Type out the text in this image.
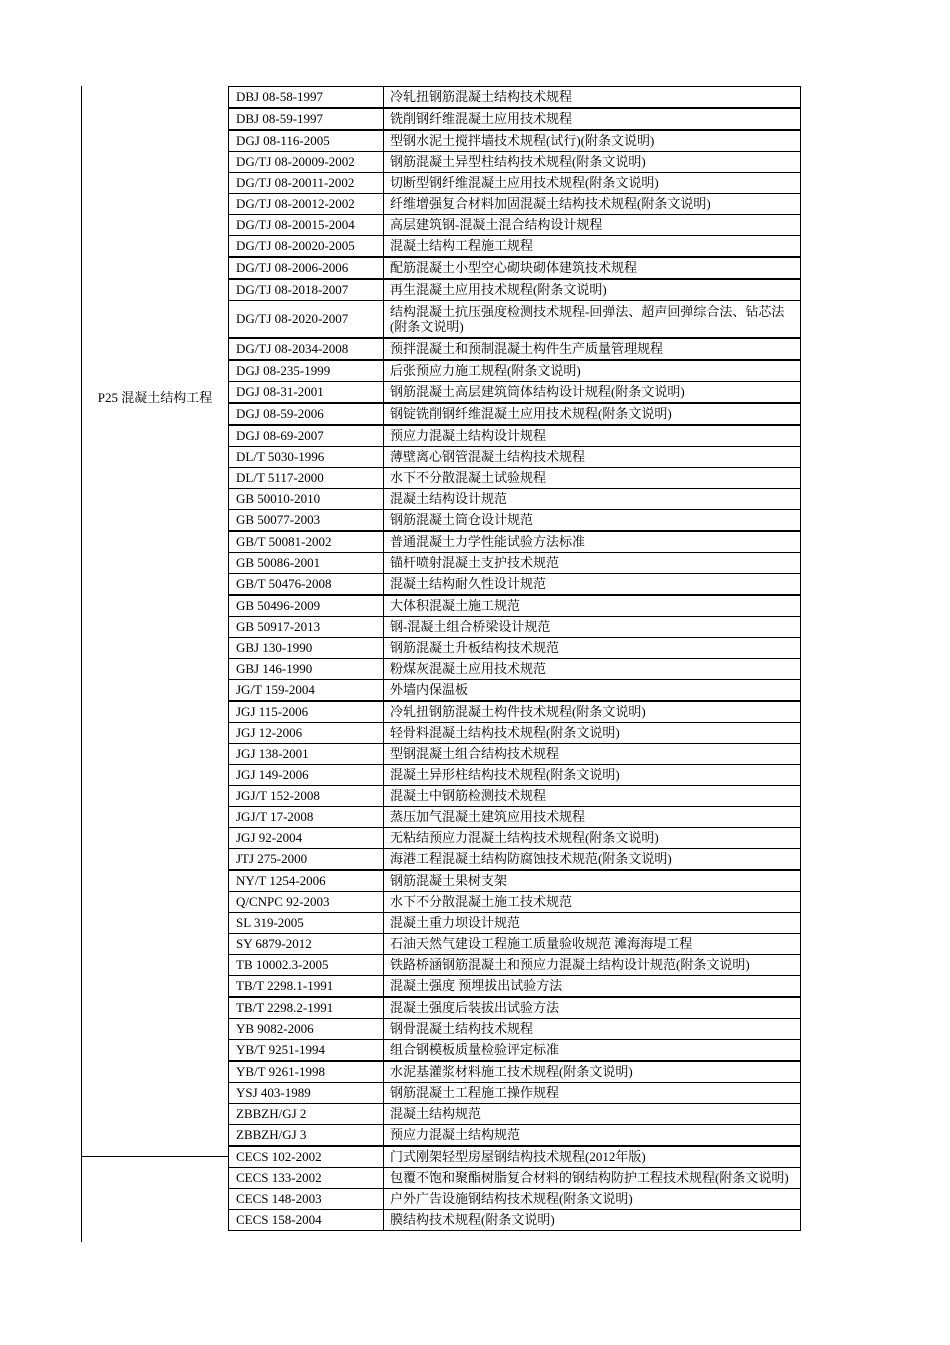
P25 混凝土结构工程
DBJ 08-58-1997	冷轧扭钢筋混凝土结构技术规程
DBJ 08-59-1997	铣削钢纤维混凝土应用技术规程
DGJ 08-116-2005	型钢水泥土搅拌墙技术规程(试行)(附条文说明)
DG/TJ 08-20009-2002	钢筋混凝土异型柱结构技术规程(附条文说明)
DG/TJ 08-20011-2002	切断型钢纤维混凝土应用技术规程(附条文说明)
DG/TJ 08-20012-2002	纤维增强复合材料加固混凝土结构技术规程(附条文说明)
DG/TJ 08-20015-2004	高层建筑钢-混凝土混合结构设计规程
DG/TJ 08-20020-2005	混凝土结构工程施工规程
DG/TJ 08-2006-2006	配筋混凝土小型空心砌块砌体建筑技术规程
DG/TJ 08-2018-2007	再生混凝土应用技术规程(附条文说明)
DG/TJ 08-2020-2007	结构混凝土抗压强度检测技术规程-回弹法、超声回弹综合法、钻芯法(附条文说明)
DG/TJ 08-2034-2008	预拌混凝土和预制混凝土构件生产质量管理规程
DGJ 08-235-1999	后张预应力施工规程(附条文说明)
DGJ 08-31-2001	钢筋混凝土高层建筑筒体结构设计规程(附条文说明)
DGJ 08-59-2006	钢锭铣削钢纤维混凝土应用技术规程(附条文说明)
DGJ 08-69-2007	预应力混凝土结构设计规程
DL/T 5030-1996	薄壁离心钢管混凝土结构技术规程
DL/T 5117-2000	水下不分散混凝土试验规程
GB 50010-2010	混凝土结构设计规范
GB 50077-2003	钢筋混凝土筒仓设计规范
GB/T 50081-2002	普通混凝土力学性能试验方法标准
GB 50086-2001	锚杆喷射混凝土支护技术规范
GB/T 50476-2008	混凝土结构耐久性设计规范
GB 50496-2009	大体积混凝土施工规范
GB 50917-2013	钢-混凝土组合桥梁设计规范
GBJ 130-1990	钢筋混凝土升板结构技术规范
GBJ 146-1990	粉煤灰混凝土应用技术规范
JG/T 159-2004	外墙内保温板
JGJ 115-2006	冷轧扭钢筋混凝土构件技术规程(附条文说明)
JGJ 12-2006	轻骨料混凝土结构技术规程(附条文说明)
JGJ 138-2001	型钢混凝土组合结构技术规程
JGJ 149-2006	混凝土异形柱结构技术规程(附条文说明)
JGJ/T 152-2008	混凝土中钢筋检测技术规程
JGJ/T 17-2008	蒸压加气混凝土建筑应用技术规程
JGJ 92-2004	无粘结预应力混凝土结构技术规程(附条文说明)
JTJ 275-2000	海港工程混凝土结构防腐蚀技术规范(附条文说明)
NY/T 1254-2006	钢筋混凝土果树支架
Q/CNPC 92-2003	水下不分散混凝土施工技术规范
SL 319-2005	混凝土重力坝设计规范
SY 6879-2012	石油天然气建设工程施工质量验收规范 滩海海堤工程
TB 10002.3-2005	铁路桥涵钢筋混凝土和预应力混凝土结构设计规范(附条文说明)
TB/T 2298.1-1991	混凝土强度 预埋拔出试验方法
TB/T 2298.2-1991	混凝土强度后装拔出试验方法
YB 9082-2006	钢骨混凝土结构技术规程
YB/T 9251-1994	组合钢模板质量检验评定标准
YB/T 9261-1998	水泥基灌浆材料施工技术规程(附条文说明)
YSJ 403-1989	钢筋混凝土工程施工操作规程
ZBBZH/GJ 2	混凝土结构规范
ZBBZH/GJ 3	预应力混凝土结构规范
CECS 102-2002	门式刚架轻型房屋钢结构技术规程(2012年版)
CECS 133-2002	包覆不饱和聚酯树脂复合材料的钢结构防护工程技术规程(附条文说明)
CECS 148-2003	户外广告设施钢结构技术规程(附条文说明)
CECS 158-2004	膜结构技术规程(附条文说明)
